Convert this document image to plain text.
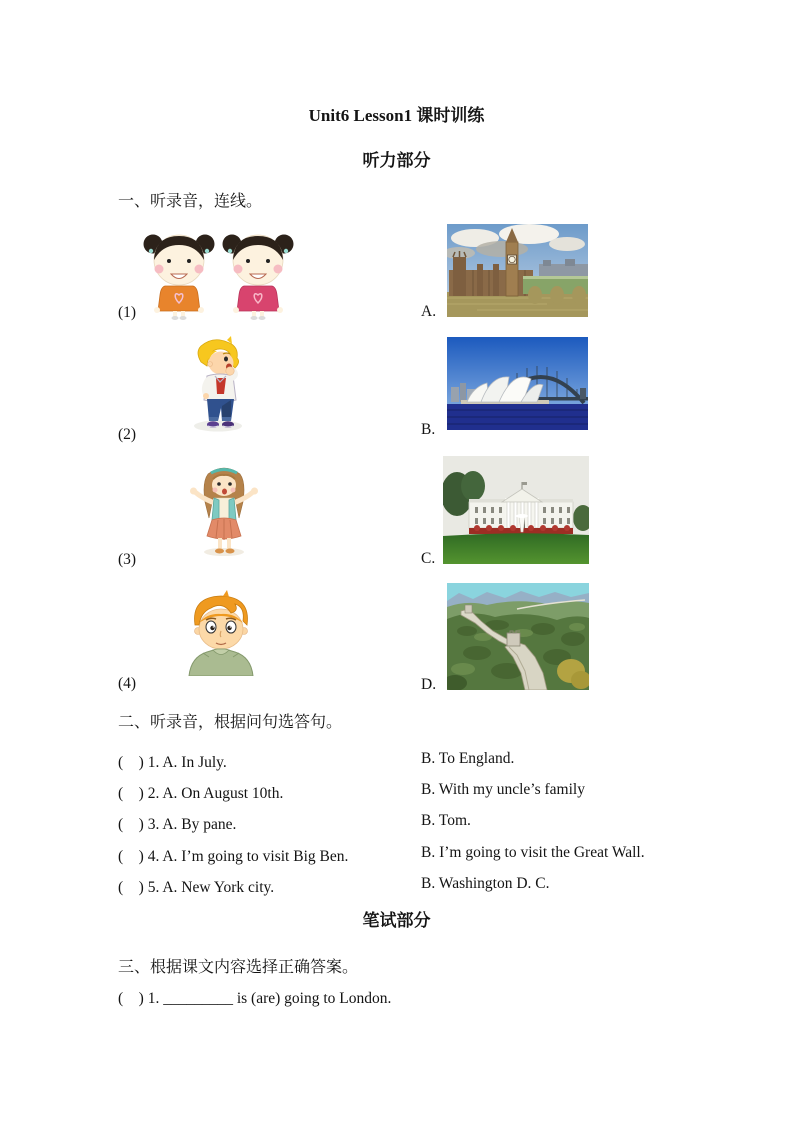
Unit6 Lesson1 课时训练
听力部分
一、听录音，连线。
(1)	A.
(2)	B.
(3)	C.
(4)	D.
二、听录音，根据问句选答句。
(　) 1. A. In July.	B. To England.
(　) 2. A. On August 10th.	B. With my uncle’s family
(　) 3. A. By pane.	B. Tom.
(　) 4. A. I’m going to visit Big Ben.	B. I’m going to visit the Great Wall.
(　) 5. A. New York city.	B. Washington D. C.
笔试部分
三、根据课文内容选择正确答案。
(　) 1. _________ is (are) going to London.
